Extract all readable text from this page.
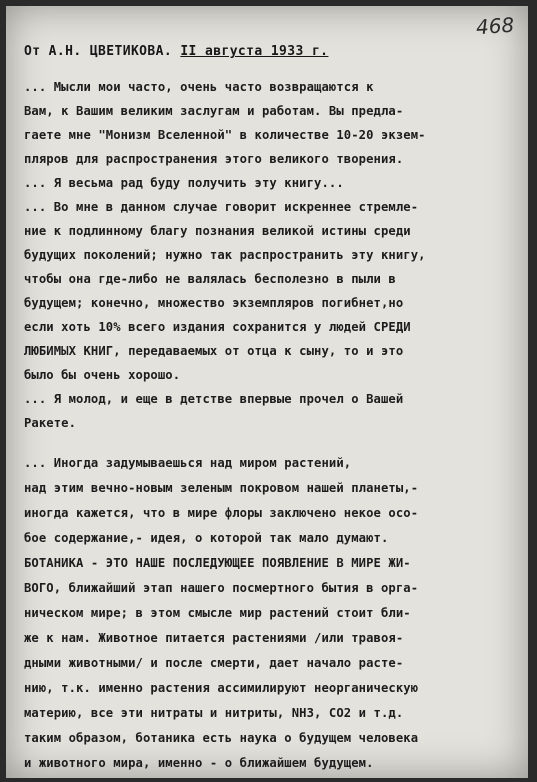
468
От А.Н. ЦВЕТИКОВА. II августа 1933 г.
... Мысли мои часто, очень часто возвращаются к
Вам, к Вашим великим заслугам и работам. Вы предла-
гаете мне "Монизм Вселенной" в количестве 10-20 экзем-
пляров для распространения этого великого творения.
... Я весьма рад буду получить эту книгу...
... Во мне в данном случае говорит искреннее стремле-
ние к подлинному благу познания великой истины среди
будущих поколений; нужно так распространить эту книгу,
чтобы она где-либо не валялась бесполезно в пыли в
будущем; конечно, множество экземпляров погибнет,но
если хоть 10% всего издания сохранится у людей СРЕДИ
ЛЮБИМЫХ КНИГ, передаваемых от отца к сыну, то и это
было бы очень хорошо.
... Я молод, и еще в детстве впервые прочел о Вашей
Ракете.
... Иногда задумываешься над миром растений,
над этим вечно-новым зеленым покровом нашей планеты,-
иногда кажется, что в мире флоры заключено некое осо-
бое содержание,- идея, о которой так мало думают.
БОТАНИКА - ЭТО НАШЕ ПОСЛЕДУЮЩЕЕ ПОЯВЛЕНИЕ В МИРЕ ЖИ-
ВОГО, ближайший этап нашего посмертного бытия в орга-
ническом мире; в этом смысле мир растений стоит бли-
же к нам. Животное питается растениями /или травоя-
дными животными/ и после смерти, дает начало расте-
нию, т.к. именно растения ассимилируют неорганическую
материю, все эти нитраты и нитриты, NH3, CO2 и т.д.
таким образом, ботаника есть наука о будущем человека
и животного мира, именно - о ближайшем будущем.
